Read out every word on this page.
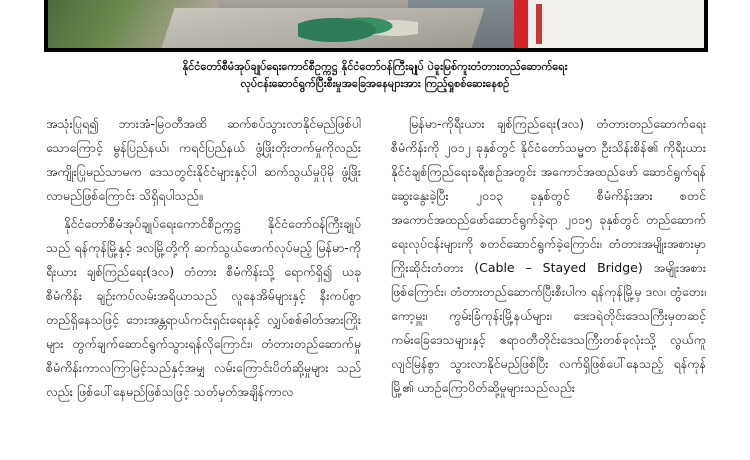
နိုင်ငံတော်စီမံအုပ်ချုပ်ရေးကောင်စီဥက္ကဋ္ဌ နိုင်ငံတော်ဝန်ကြီးချုပ် ပဲခူးမြစ်ကူးတံတားတည်ဆောက်ရေး
လုပ်ငန်းဆောင်ရွက်ပြီးစီးမှုအခြေအနေများအား ကြည့်ရှုစစ်ဆေးနေစဉ်

အသုံးပြုရ၍ ဘားအံ-မြဝတီအထိ ဆက်စပ်သွားလာနိုင်မည်ဖြစ်ပါသောကြောင့် မွန်ပြည်နယ်၊ ကရင်ပြည်နယ် ဖွံ့ဖြိုးတိုးတက်မှုကိုလည်း အကျိုးပြုမည်သာမက ဒေသတွင်းနိုင်ငံများနှင့်ပါ ဆက်သွယ်မှုပိုမို ဖွံ့ဖြိုးလာမည်ဖြစ်ကြောင်း သိရှိရပါသည်။

နိုင်ငံတော်စီမံအုပ်ချုပ်ရေးကောင်စီဥက္ကဋ္ဌ နိုင်ငံတော်ဝန်ကြီးချုပ်သည် ရန်ကုန်မြို့နှင့် ဒလမြို့တို့ကို ဆက်သွယ်ဖောက်လုပ်မည့် မြန်မာ-ကိုရီးယား ချစ်ကြည်ရေး(ဒလ) တံတား စီမံကိန်းသို့ ရောက်ရှိ၍ ယခုစီမံကိန်း ချဉ်းကပ်လမ်းအရိယာသည် လူနေအိမ်များနှင့် နီးကပ်စွာတည်ရှိနေသဖြင့် ဘေးအန္တရာယ်ကင်းရှင်းရေးနှင့် လျှပ်စစ်ဓါတ်အားကြိုးများ တွက်ချက်ဆောင်ရွက်သွားရန်လိုကြောင်း၊ တံတားတည်ဆောက်မှုစီမံကိန်းကာလကြာမြင့်သည်နှင့်အမျှ လမ်းကြောင်းပိတ်ဆို့မှုများ သည်လည်း ဖြစ်ပေါ်နေမည်ဖြစ်သဖြင့် သတ်မှတ်အချိန်ကာလ

မြန်မာ-ကိုရီးယား ချစ်ကြည်ရေး(ဒလ) တံတားတည်ဆောက်ရေးစီမံကိန်းကို ၂၀၁၂ ခုနှစ်တွင် နိုင်ငံတော်သမ္မတ ဦးသိန်းစိန်၏ ကိုရီးယားနိုင်ငံချစ်ကြည်ရေးခရီးစဉ်အတွင်း အကောင်အထည်ဖော် ဆောင်ရွက်ရန်ဆွေးနွေးခဲ့ပြီး ၂၀၁၃ ခုနှစ်တွင် စီမံကိန်းအား စတင်အကောင်အထည်ဖော်ဆောင်ရွက်ခဲ့ရာ ၂၀၁၅ ခုနှစ်တွင် တည်ဆောက်ရေးလုပ်ငန်းများကို စတင်ဆောင်ရွက်ခဲ့ကြောင်း၊ တံတားအမျိုးအစားမှာ ကြိုးဆိုင်းတံတား (Cable – Stayed Bridge) အမျိုးအစားဖြစ်ကြောင်း၊ တံတားတည်ဆောက်ပြီးစီးပါက ရန်ကုန်မြို့မှ ဒလ၊ တွံတေး၊ ကော့မှူး၊ ကွမ်းခြံကုန်းမြို့နယ်များ၊ ဒေးဒရဲတိုင်းဒေသကြီးမှတဆင့် ကမ်းခြေဒေသများနှင့် ဧရာဝတီတိုင်းဒေသကြီးတစ်ခုလုံးသို့ လွယ်ကူလျင်မြန်စွာ သွားလာနိုင်မည်ဖြစ်ပြီး လက်ရှိဖြစ်ပေါ်နေသည့် ရန်ကုန်မြို့၏ ယာဉ်ကြောပိတ်ဆို့မှုများသည်လည်း
